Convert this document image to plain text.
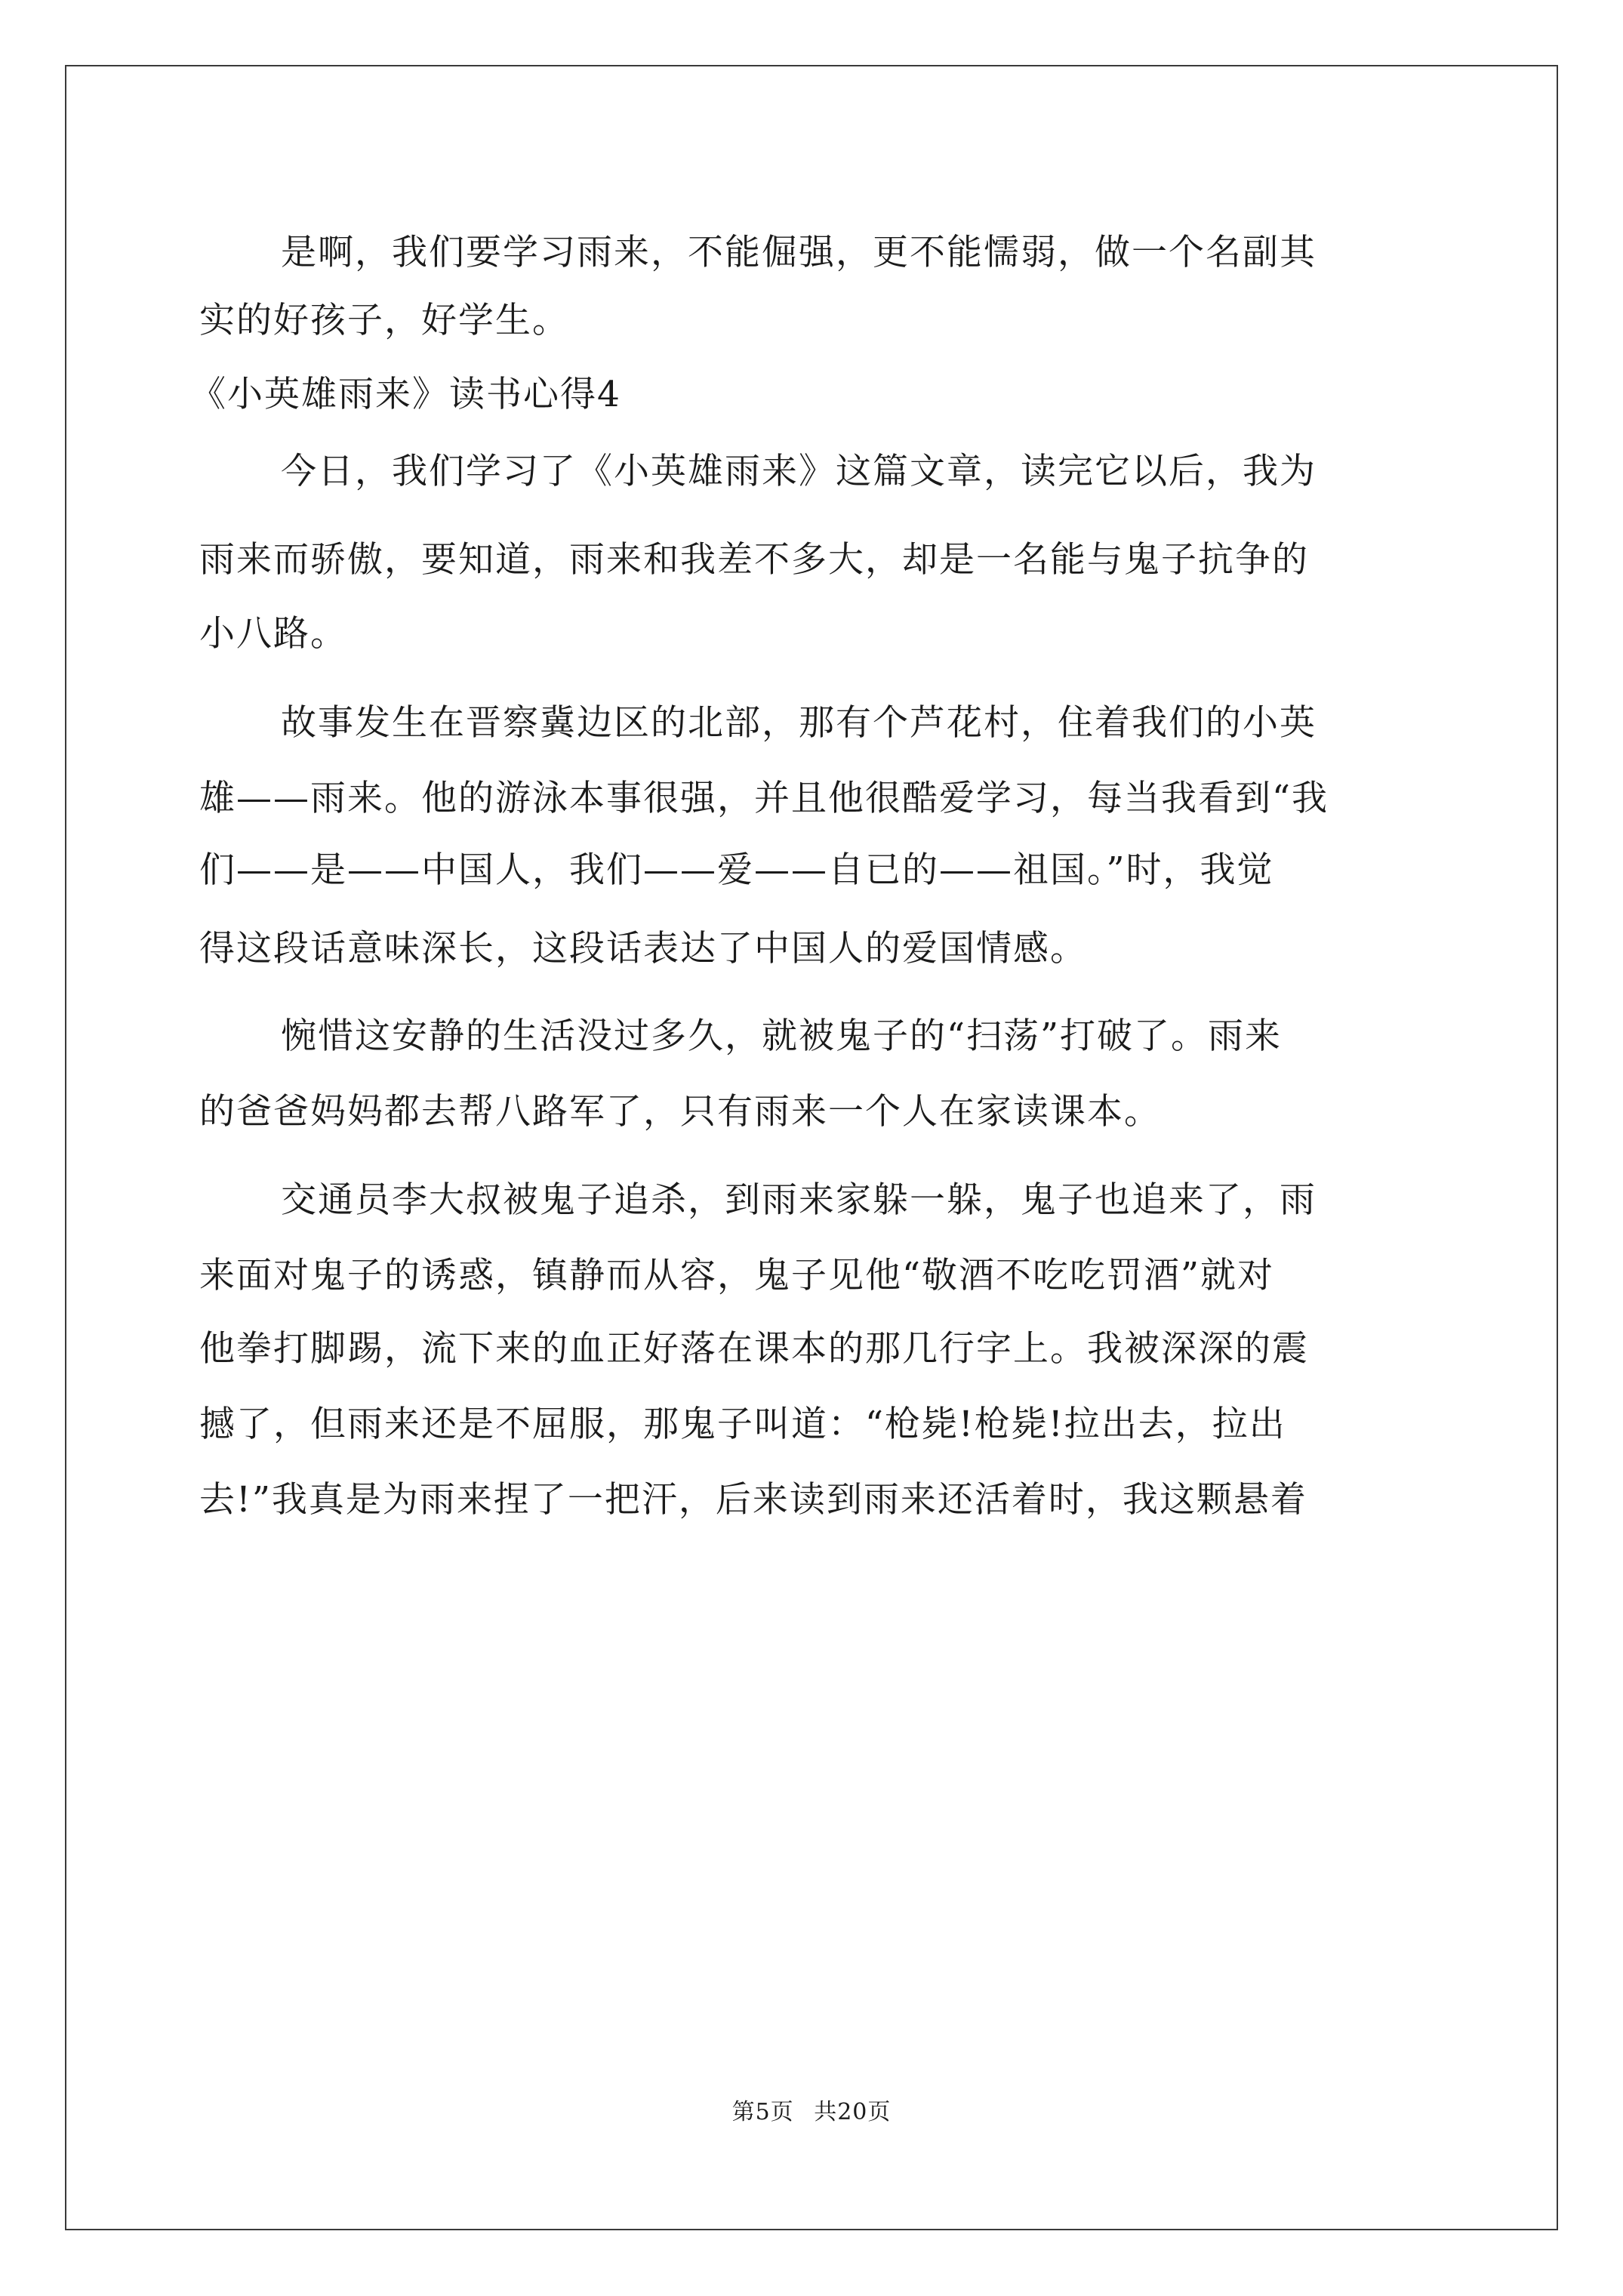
是啊，我们要学习雨来，不能倔强，更不能懦弱，做一个名副其
实的好孩子，好学生。
《小英雄雨来》读书心得4
今日，我们学习了《小英雄雨来》这篇文章，读完它以后，我为
雨来而骄傲，要知道，雨来和我差不多大，却是一名能与鬼子抗争的
小八路。
故事发生在晋察冀边区的北部，那有个芦花村，住着我们的小英
雄——雨来。他的游泳本事很强，并且他很酷爱学习，每当我看到“我
们——是——中国人，我们——爱——自已的——祖国。”时，我觉
得这段话意味深长，这段话表达了中国人的爱国情感。
惋惜这安静的生活没过多久，就被鬼子的“扫荡”打破了。雨来
的爸爸妈妈都去帮八路军了，只有雨来一个人在家读课本。
交通员李大叔被鬼子追杀，到雨来家躲一躲，鬼子也追来了，雨
来面对鬼子的诱惑，镇静而从容，鬼子见他“敬酒不吃吃罚酒”就对
他拳打脚踢，流下来的血正好落在课本的那几行字上。我被深深的震
撼了，但雨来还是不屈服，那鬼子叫道：“枪毙!枪毙!拉出去，拉出
去!”我真是为雨来捏了一把汗，后来读到雨来还活着时，我这颗悬着
第5页 共20页
